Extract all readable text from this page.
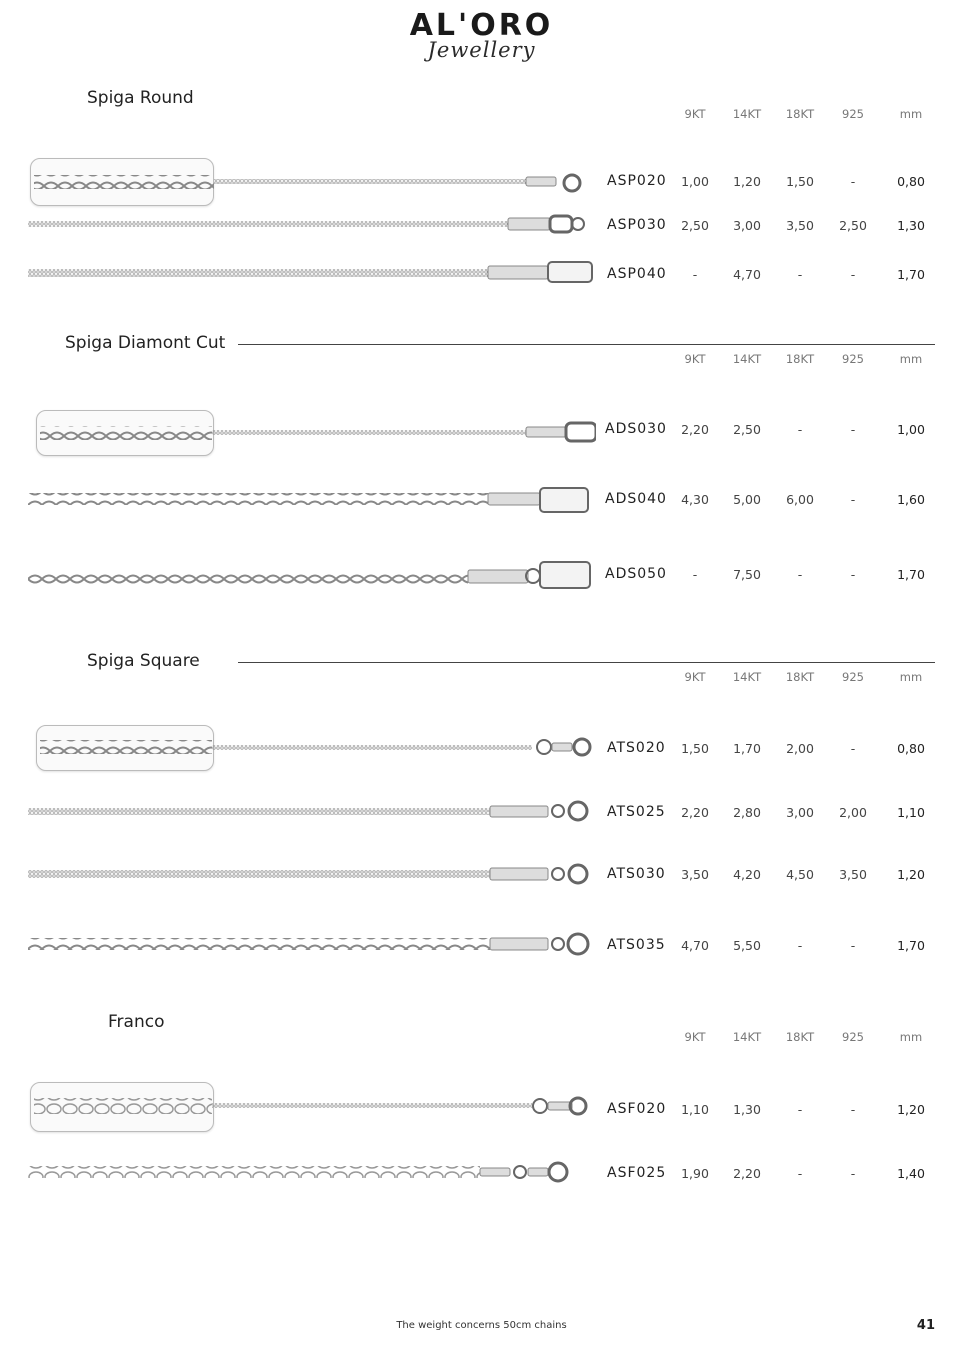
AL'ORO
Jewellery
Spiga Round
9KT	14KT	18KT	925	mm
ASP020	1,00	1,20	1,50	-	0,80
ASP030	2,50	3,00	3,50	2,50	1,30
ASP040	-	4,70	-	-	1,70
Spiga Diamont Cut
9KT	14KT	18KT	925	mm
ADS030	2,20	2,50	-	-	1,00
ADS040	4,30	5,00	6,00	-	1,60
ADS050	-	7,50	-	-	1,70
Spiga Square
9KT	14KT	18KT	925	mm
ATS020	1,50	1,70	2,00	-	0,80
ATS025	2,20	2,80	3,00	2,00	1,10
ATS030	3,50	4,20	4,50	3,50	1,20
ATS035	4,70	5,50	-	-	1,70
Franco
9KT	14KT	18KT	925	mm
ASF020	1,10	1,30	-	-	1,20
ASF025	1,90	2,20	-	-	1,40
The weight concerns 50cm chains	41
